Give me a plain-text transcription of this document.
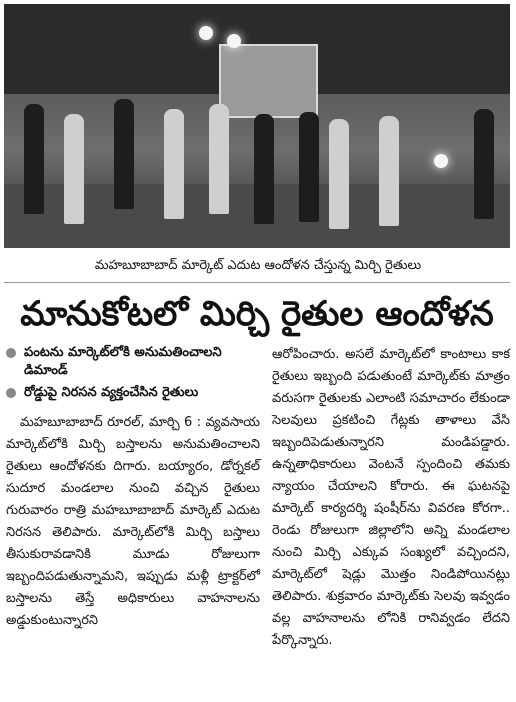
మహబూబాబాద్ మార్కెట్ ఎదుట ఆందోళన చేస్తున్న మిర్చి రైతులు
మానుకోటలో మిర్చి రైతుల ఆందోళన
పంటను మార్కెట్‌లోకి అనుమతించాలని డిమాండ్
రోడ్డుపై నిరసన వ్యక్తంచేసిన రైతులు

మహబూబాబాద్ రూరల్, మార్చి 6 : వ్యవసాయ మార్కెట్‌లోకి మిర్చి బస్తాలను అనుమతించాలని రైతులు ఆందోళనకు దిగారు. బయ్యారం, డోర్నకల్ సుదూర మండలాల నుంచి వచ్చిన రైతులు గురువారం రాత్రి మహబూబాబాద్ మార్కెట్ ఎదుట నిరసన తెలిపారు. మార్కెట్‌లోకి మిర్చి బస్తాలు తీసుకురావడానికి మూడు రోజులుగా ఇబ్బందిపడుతున్నామని, ఇప్పుడు మళ్లీ ట్రాక్టర్‌లో బస్తాలను తెస్తే అధికారులు వాహనాలను అడ్డుకుంటున్నారని

ఆరోపించారు. అసలే మార్కెట్‌లో కాంటాలు కాక రైతులు ఇబ్బంది పడుతుంటే మార్కెట్‌కు మాత్రం వరుసగా రైతులకు ఎలాంటి సమాచారం లేకుండా సెలవులు ప్రకటించి గేట్లకు తాళాలు వేసి ఇబ్బందిపెడుతున్నారని మండిపడ్డారు. ఉన్నతాధికారులు వెంటనే స్పందించి తమకు న్యాయం చేయాలని కోరారు. ఈ ఘటనపై మార్కెట్ కార్యదర్శి షంషీర్‌ను వివరణ కోరగా.. రెండు రోజులుగా జిల్లాలోని అన్ని మండలాల నుంచి మిర్చి ఎక్కువ సంఖ్యలో వచ్చిందని, మార్కెట్‌లో షెడ్లు మొత్తం నిండిపోయినట్లు తెలిపారు. శుక్రవారం మార్కెట్‌కు సెలవు ఇవ్వడం వల్ల వాహనాలను లోనికి రానివ్వడం లేదని పేర్కొన్నారు.
